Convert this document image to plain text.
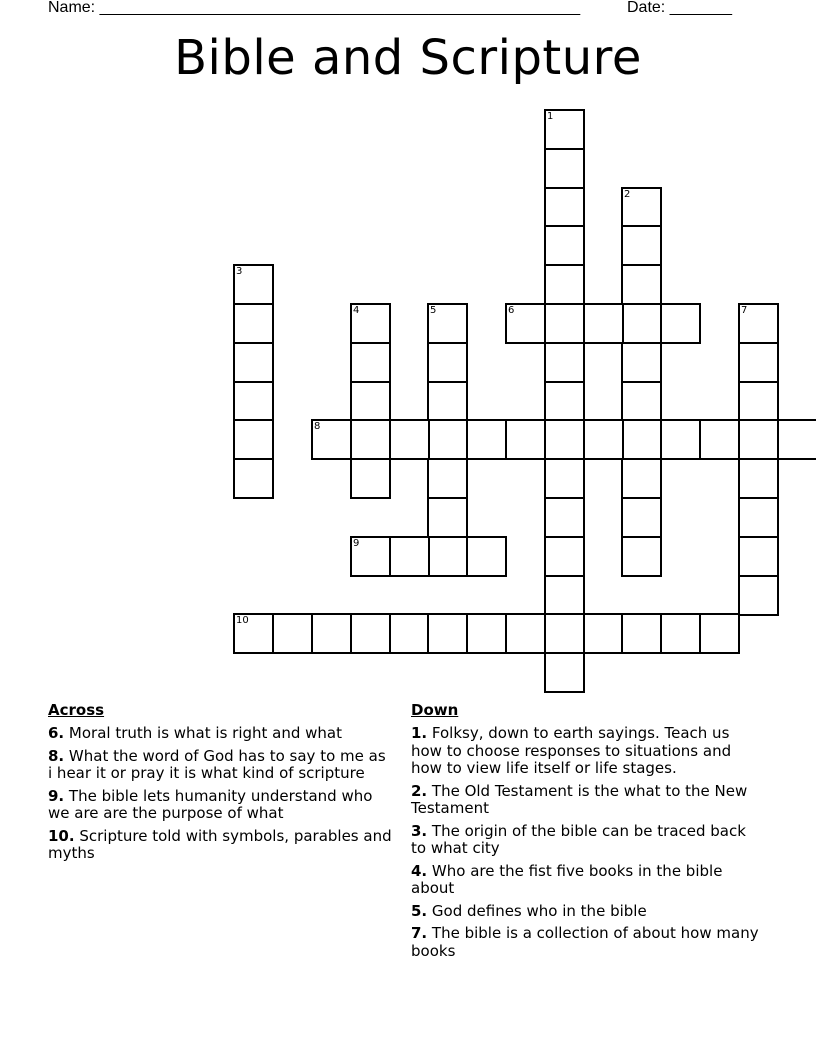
Name: ______________________________________________________	Date: _______
Bible and Scripture
1
2
3
4	5	6	7
8
9
10
Across

6. Moral truth is what is right and what

8. What the word of God has to say to me as i hear it or pray it is what kind of scripture

9. The bible lets humanity understand who we are are the purpose of what

10. Scripture told with symbols, parables and myths

Down

1. Folksy, down to earth sayings. Teach us how to choose responses to situations and how to view life itself or life stages.

2. The Old Testament is the what to the New Testament

3. The origin of the bible can be traced back to what city

4. Who are the fist five books in the bible about

5. God defines who in the bible

7. The bible is a collection of about how many books
